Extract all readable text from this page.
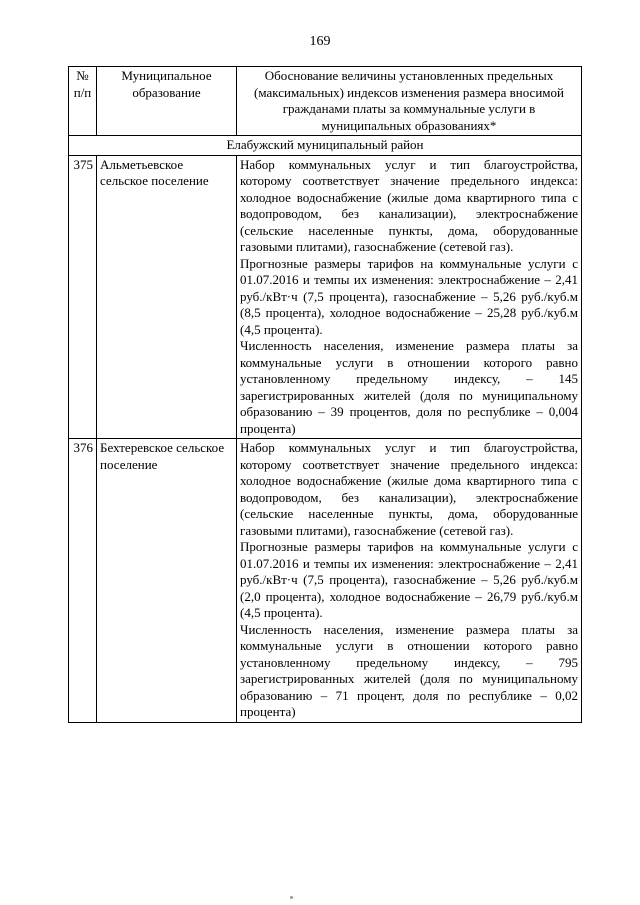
169
№ п/п	Муниципальное образование	Обоснование величины установленных предельных (максимальных) индексов изменения размера вносимой гражданами платы за коммунальные услуги в муниципальных образованиях*
Елабужский муниципальный район		
375	Альметьевское сельское поселение	Набор коммунальных услуг и тип благоустройства, которому соответствует значение предельного индекса: холодное водоснабжение (жилые дома квартирного типа с водопроводом, без канализации), электроснабжение (сельские населенные пункты, дома, оборудованные газовыми плитами), газоснабжение (сетевой газ).

Прогнозные размеры тарифов на коммунальные услуги с 01.07.2016 и темпы их изменения: электроснабжение – 2,41 руб./кВт·ч (7,5 процента), газоснабжение – 5,26 руб./куб.м (8,5 процента), холодное водоснабжение – 25,28 руб./куб.м (4,5 процента).

Численность населения, изменение размера платы за коммунальные услуги в отношении которого равно установленному предельному индексу, – 145 зарегистрированных жителей (доля по муниципальному образованию – 39 процентов, доля по республике – 0,004 процента)

376	Бехтеревское сельское поселение	Набор коммунальных услуг и тип благоустройства, которому соответствует значение предельного индекса: холодное водоснабжение (жилые дома квартирного типа с водопроводом, без канализации), электроснабжение (сельские населенные пункты, дома, оборудованные газовыми плитами), газоснабжение (сетевой газ).

Прогнозные размеры тарифов на коммунальные услуги с 01.07.2016 и темпы их изменения: электроснабжение – 2,41 руб./кВт·ч (7,5 процента), газоснабжение – 5,26 руб./куб.м (2,0 процента), холодное водоснабжение – 26,79 руб./куб.м (4,5 процента).

Численность населения, изменение размера платы за коммунальные услуги в отношении которого равно установленному предельному индексу, – 795 зарегистрированных жителей (доля по муниципальному образованию – 71 процент, доля по республике – 0,02 процента)
